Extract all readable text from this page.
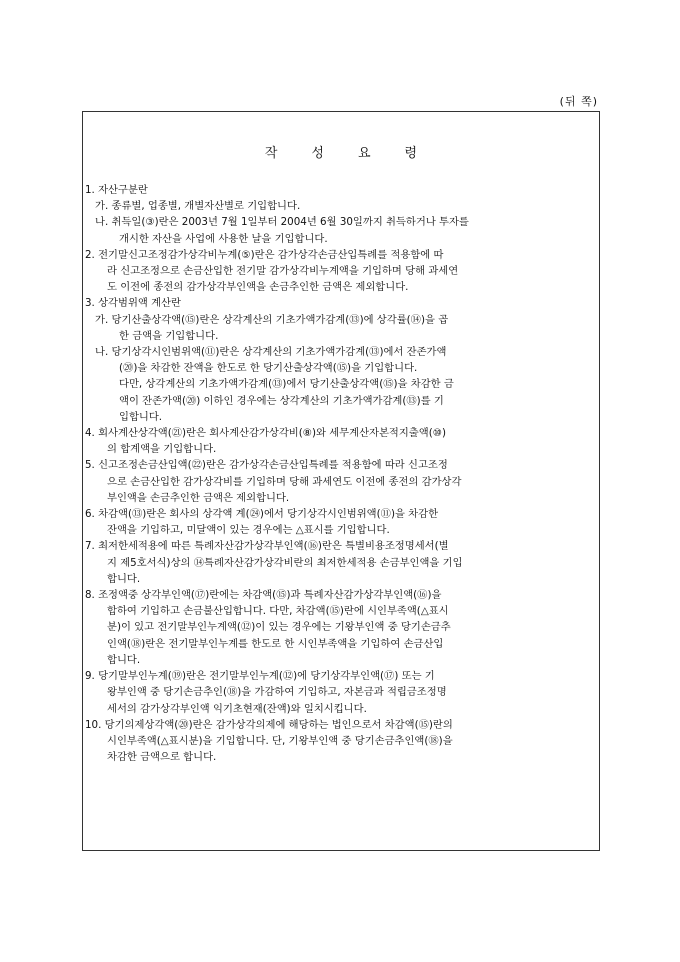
(뒤 쪽)
작성요령
1. 자산구분란
가. 종류별, 업종별, 개별자산별로 기입합니다.
나. 취득일(③)란은 2003년 7월 1일부터 2004년 6월 30일까지 취득하거나 투자를
개시한 자산을 사업에 사용한 날을 기입합니다.
2. 전기말신고조정감가상각비누계(⑤)란은 감가상각손금산입특례를 적용함에 따
라 신고조정으로 손금산입한 전기말 감가상각비누계액을 기입하며 당해 과세연
도 이전에 종전의 감가상각부인액을 손금추인한 금액은 제외합니다.
3. 상각범위액 계산란
가. 당기산출상각액(⑮)란은 상각계산의 기초가액가감계(⑬)에 상각률(⑭)을 곱
한 금액을 기입합니다.
나. 당기상각시인범위액(⑪)란은 상각계산의 기초가액가감계(⑬)에서 잔존가액
(⑳)을 차감한 잔액을 한도로 한 당기산출상각액(⑮)을 기입합니다.
다만, 상각계산의 기초가액가감계(⑬)에서 당기산출상각액(⑮)을 차감한 금
액이 잔존가액(⑳) 이하인 경우에는 상각계산의 기초가액가감계(⑬)를 기
입합니다.
4. 회사계산상각액(㉑)란은 회사계산감가상각비(⑧)와 세무계산자본적지출액(⑩)
의 합계액을 기입합니다.
5. 신고조정손금산입액(㉒)란은 감가상각손금산입특례를 적용함에 따라 신고조정
으로 손금산입한 감가상각비를 기입하며 당해 과세연도 이전에 종전의 감가상각
부인액을 손금추인한 금액은 제외합니다.
6. 차감액(⑬)란은 회사의 상각액 계(㉔)에서 당기상각시인범위액(⑪)을 차감한
잔액을 기입하고, 미달액이 있는 경우에는 △표시를 기입합니다.
7. 최저한세적용에 따른 특례자산감가상각부인액(⑯)란은 특별비용조정명세서(별
지 제5호서식)상의 ⑭특례자산감가상각비란의 최저한세적용 손금부인액을 기입
합니다.
8. 조정액중 상각부인액(⑰)란에는 차감액(⑮)과 특례자산감가상각부인액(⑯)을
합하여 기입하고 손금불산입합니다. 다만, 차감액(⑮)란에 시인부족액(△표시
분)이 있고 전기말부인누계액(⑫)이 있는 경우에는 기왕부인액 중 당기손금추
인액(⑱)란은 전기말부인누계를 한도로 한 시인부족액을 기입하여 손금산입
합니다.
9. 당기말부인누계(⑲)란은 전기말부인누계(⑫)에 당기상각부인액(⑰) 또는 기
왕부인액 중 당기손금추인(⑱)을 가감하여 기입하고, 자본금과 적립금조정명
세서의 감가상각부인액 익기초현재(잔액)와 일치시킵니다.
10. 당기의제상각액(⑳)란은 감가상각의제에 해당하는 법인으로서 차감액(⑮)란의
시인부족액(△표시분)을 기입합니다. 단, 기왕부인액 중 당기손금추인액(⑱)을
차감한 금액으로 합니다.
